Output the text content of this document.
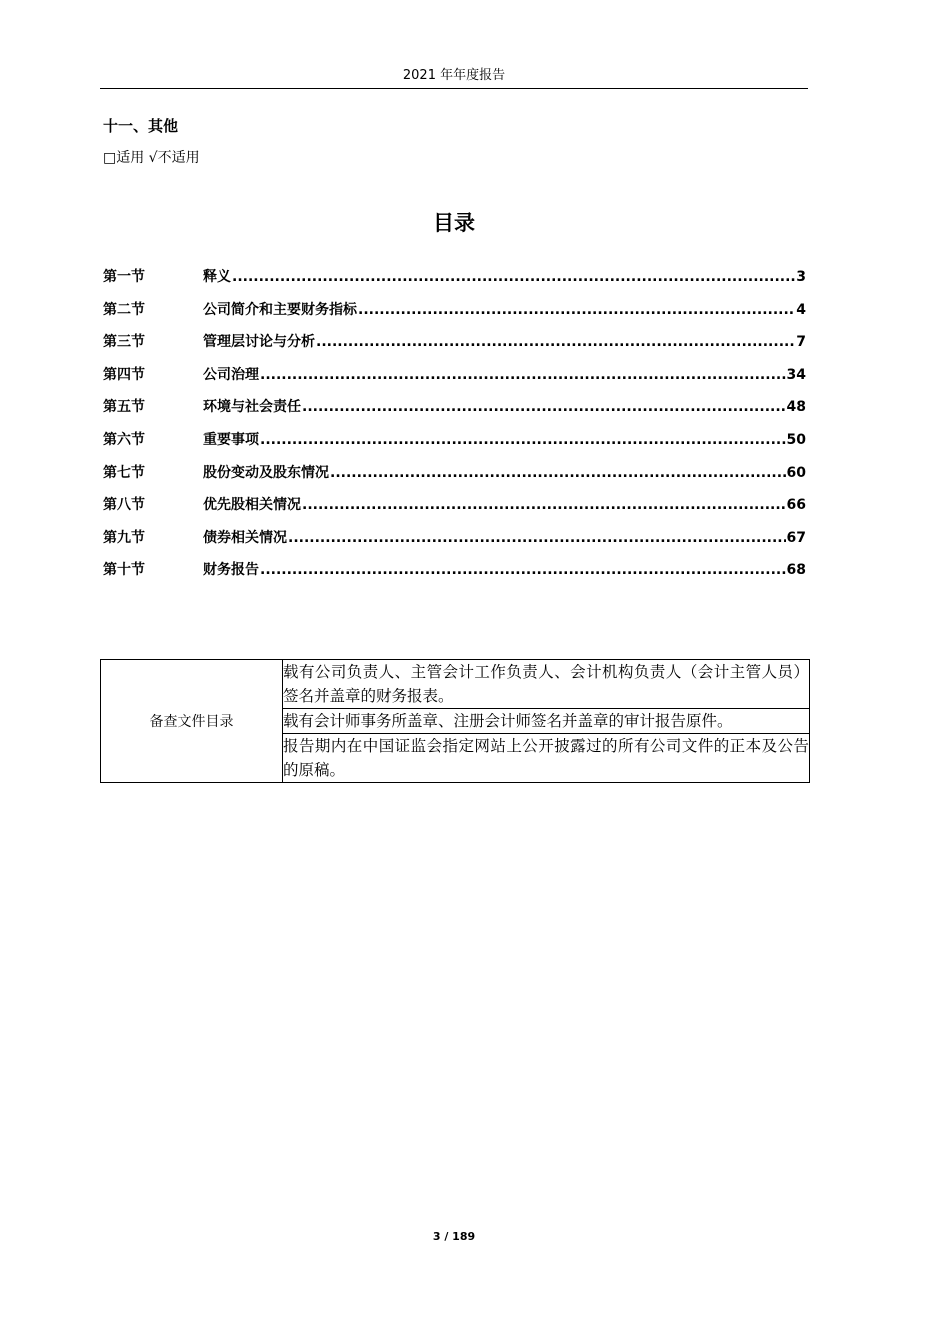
2021 年年度报告
十一、其他
□适用 √不适用
目录
第一节	释义 .....	3
第二节	公司简介和主要财务指标 .....	4
第三节	管理层讨论与分析 .....	7
第四节	公司治理 .....	34
第五节	环境与社会责任 .....	48
第六节	重要事项 .....	50
第七节	股份变动及股东情况 .....	60
第八节	优先股相关情况 .....	66
第九节	债券相关情况 .....	67
第十节	财务报告 .....	68
备查文件目录	载有公司负责人、主管会计工作负责人、会计机构负责人（会计主管人员）签名并盖章的财务报表。
载有会计师事务所盖章、注册会计师签名并盖章的审计报告原件。
报告期内在中国证监会指定网站上公开披露过的所有公司文件的正本及公告的原稿。
3 / 189
